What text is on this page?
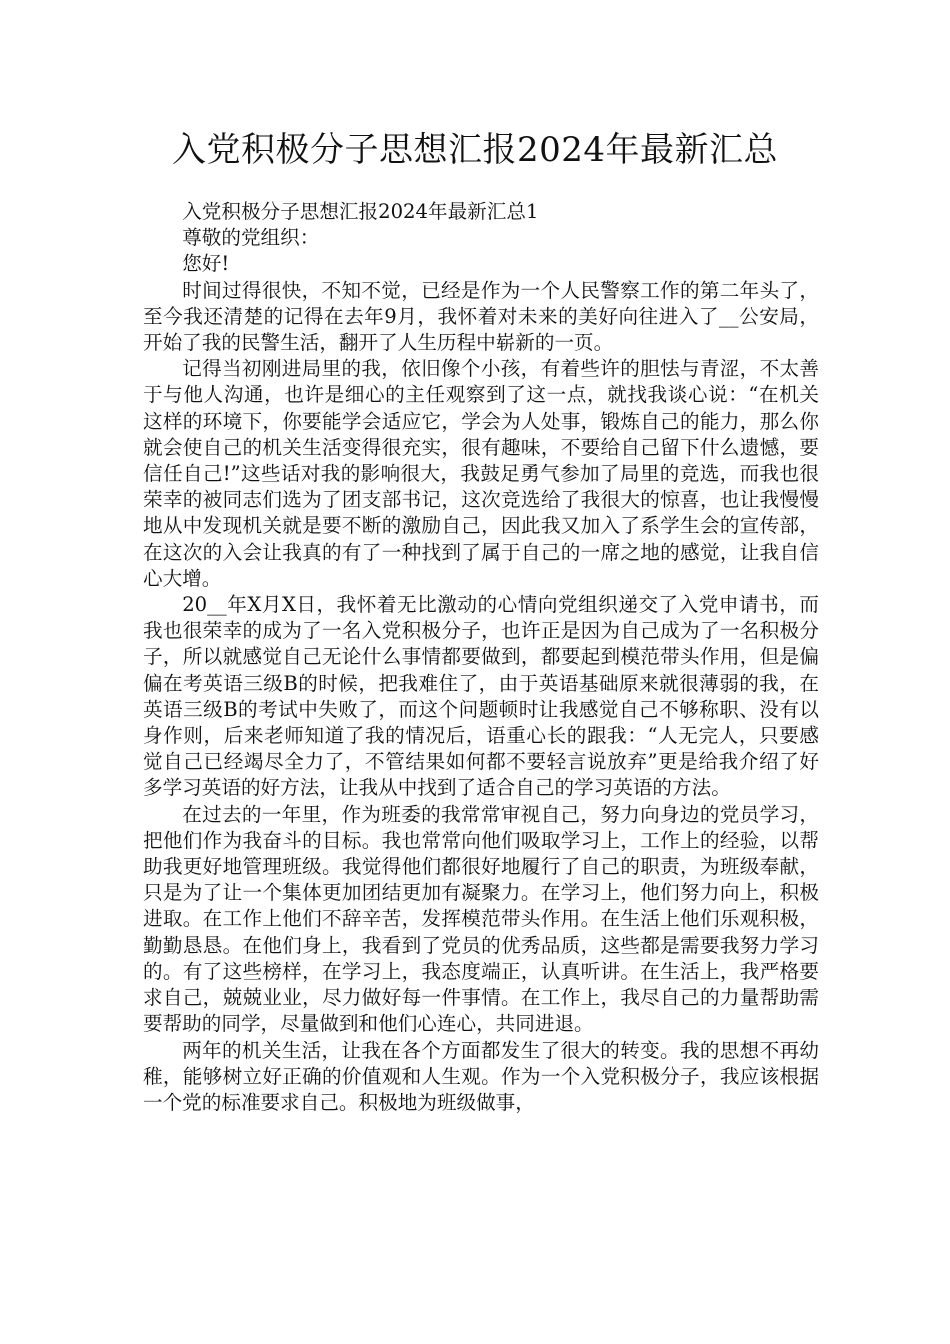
入党积极分子思想汇报2024年最新汇总

入党积极分子思想汇报2024年最新汇总1

尊敬的党组织：

您好!

时间过得很快，不知不觉，已经是作为一个人民警察工作的第二年头了，至今我还清楚的记得在去年9月，我怀着对未来的美好向往进入了__公安局，开始了我的民警生活，翻开了人生历程中崭新的一页。

记得当初刚进局里的我，依旧像个小孩，有着些许的胆怯与青涩，不太善于与他人沟通，也许是细心的主任观察到了这一点，就找我谈心说：“在机关这样的环境下，你要能学会适应它，学会为人处事，锻炼自己的能力，那么你就会使自己的机关生活变得很充实，很有趣味，不要给自己留下什么遗憾，要信任自己!”这些话对我的影响很大，我鼓足勇气参加了局里的竞选，而我也很荣幸的被同志们选为了团支部书记，这次竞选给了我很大的惊喜，也让我慢慢地从中发现机关就是要不断的激励自己，因此我又加入了系学生会的宣传部，在这次的入会让我真的有了一种找到了属于自己的一席之地的感觉，让我自信心大增。

20__年X月X日，我怀着无比激动的心情向党组织递交了入党申请书，而我也很荣幸的成为了一名入党积极分子，也许正是因为自己成为了一名积极分子，所以就感觉自己无论什么事情都要做到，都要起到模范带头作用，但是偏偏在考英语三级B的时候，把我难住了，由于英语基础原来就很薄弱的我，在英语三级B的考试中失败了，而这个问题顿时让我感觉自己不够称职、没有以身作则，后来老师知道了我的情况后，语重心长的跟我：“人无完人，只要感觉自己已经竭尽全力了，不管结果如何都不要轻言说放弃”更是给我介绍了好多学习英语的好方法，让我从中找到了适合自己的学习英语的方法。

在过去的一年里，作为班委的我常常审视自己，努力向身边的党员学习，把他们作为我奋斗的目标。我也常常向他们吸取学习上，工作上的经验，以帮助我更好地管理班级。我觉得他们都很好地履行了自己的职责，为班级奉献，只是为了让一个集体更加团结更加有凝聚力。在学习上，他们努力向上，积极进取。在工作上他们不辞辛苦，发挥模范带头作用。在生活上他们乐观积极，勤勤恳恳。在他们身上，我看到了党员的优秀品质，这些都是需要我努力学习的。有了这些榜样，在学习上，我态度端正，认真听讲。在生活上，我严格要求自己，兢兢业业，尽力做好每一件事情。在工作上，我尽自己的力量帮助需要帮助的同学，尽量做到和他们心连心，共同进退。

两年的机关生活，让我在各个方面都发生了很大的转变。我的思想不再幼稚，能够树立好正确的价值观和人生观。作为一个入党积极分子，我应该根据一个党的标准要求自己。积极地为班级做事，
